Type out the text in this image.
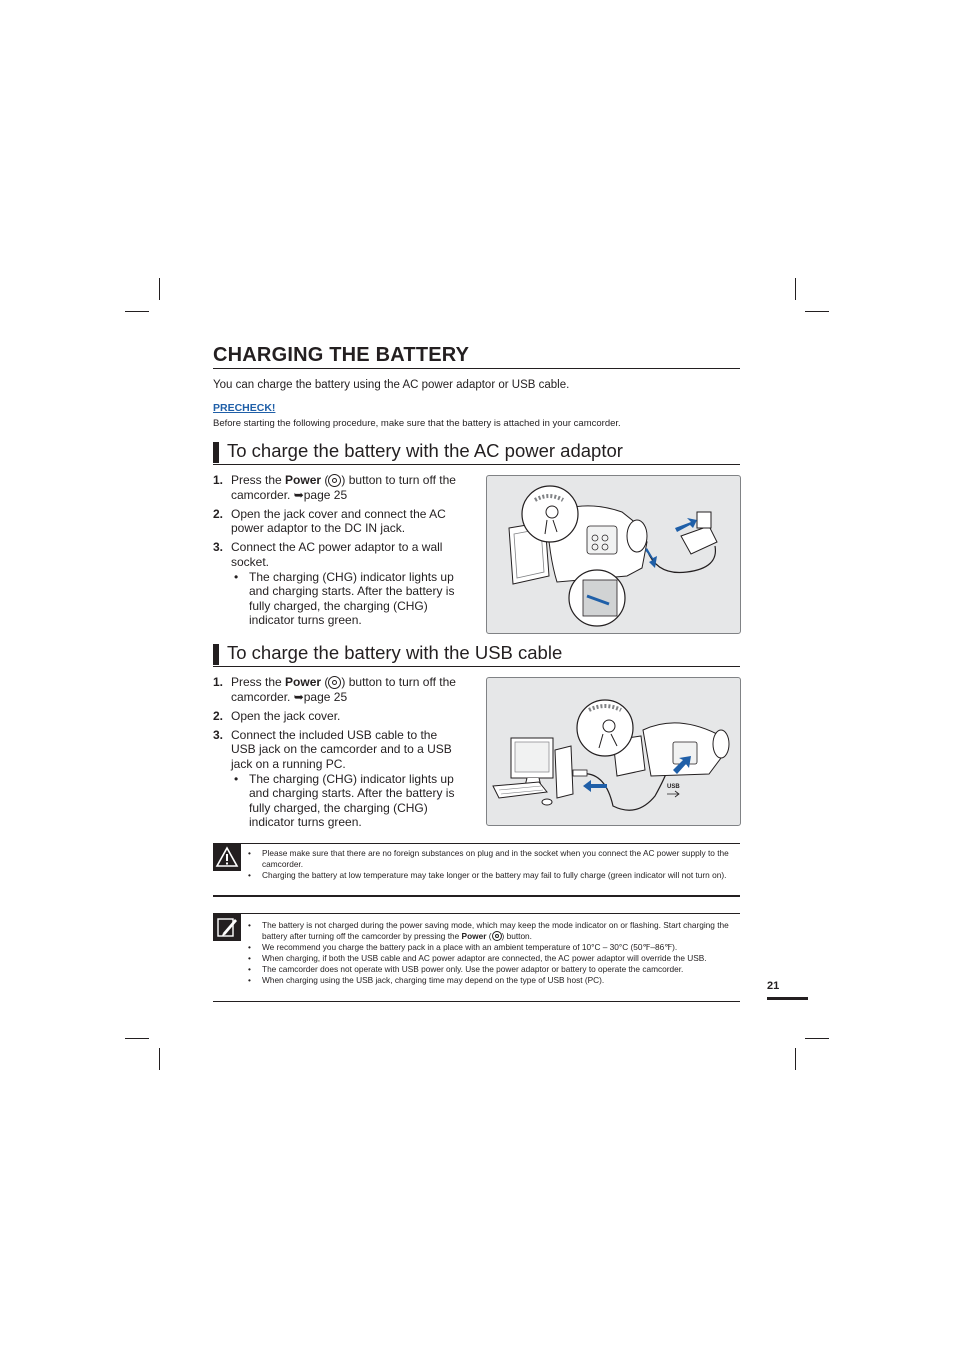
CHARGING THE BATTERY
You can charge the battery using the AC power adaptor or USB cable.
PRECHECK!
Before starting the following procedure, make sure that the battery is attached in your camcorder.
To charge the battery with the AC power adaptor
1. Press the Power ( ) button to turn off the camcorder. ➥page 25
2. Open the jack cover and connect the AC power adaptor to the DC IN jack.
3. Connect the AC power adaptor to a wall socket.
• The charging (CHG) indicator lights up and charging starts. After the battery is fully charged, the charging (CHG) indicator turns green.
To charge the battery with the USB cable
1. Press the Power ( ) button to turn off the camcorder. ➥page 25
2. Open the jack cover.
3. Connect the included USB cable to the USB jack on the camcorder and to a USB jack on a running PC.
• The charging (CHG) indicator lights up and charging starts. After the battery is fully charged, the charging (CHG) indicator turns green.
USB
• Please make sure that there are no foreign substances on plug and in the socket when you connect the AC power supply to the camcorder.
• Charging the battery at low temperature may take longer or the battery may fail to fully charge (green indicator will not turn on).
• The battery is not charged during the power saving mode, which may keep the mode indicator on or flashing. Start charging the battery after turning off the camcorder by pressing the Power ( ) button.
• We recommend you charge the battery pack in a place with an ambient temperature of 10°C – 30°C (50℉–86℉).
• When charging, if both the USB cable and AC power adaptor are connected, the AC power adaptor will override the USB.
• The camcorder does not operate with USB power only. Use the power adaptor or battery to operate the camcorder.
• When charging using the USB jack, charging time may depend on the type of USB host (PC).	21
